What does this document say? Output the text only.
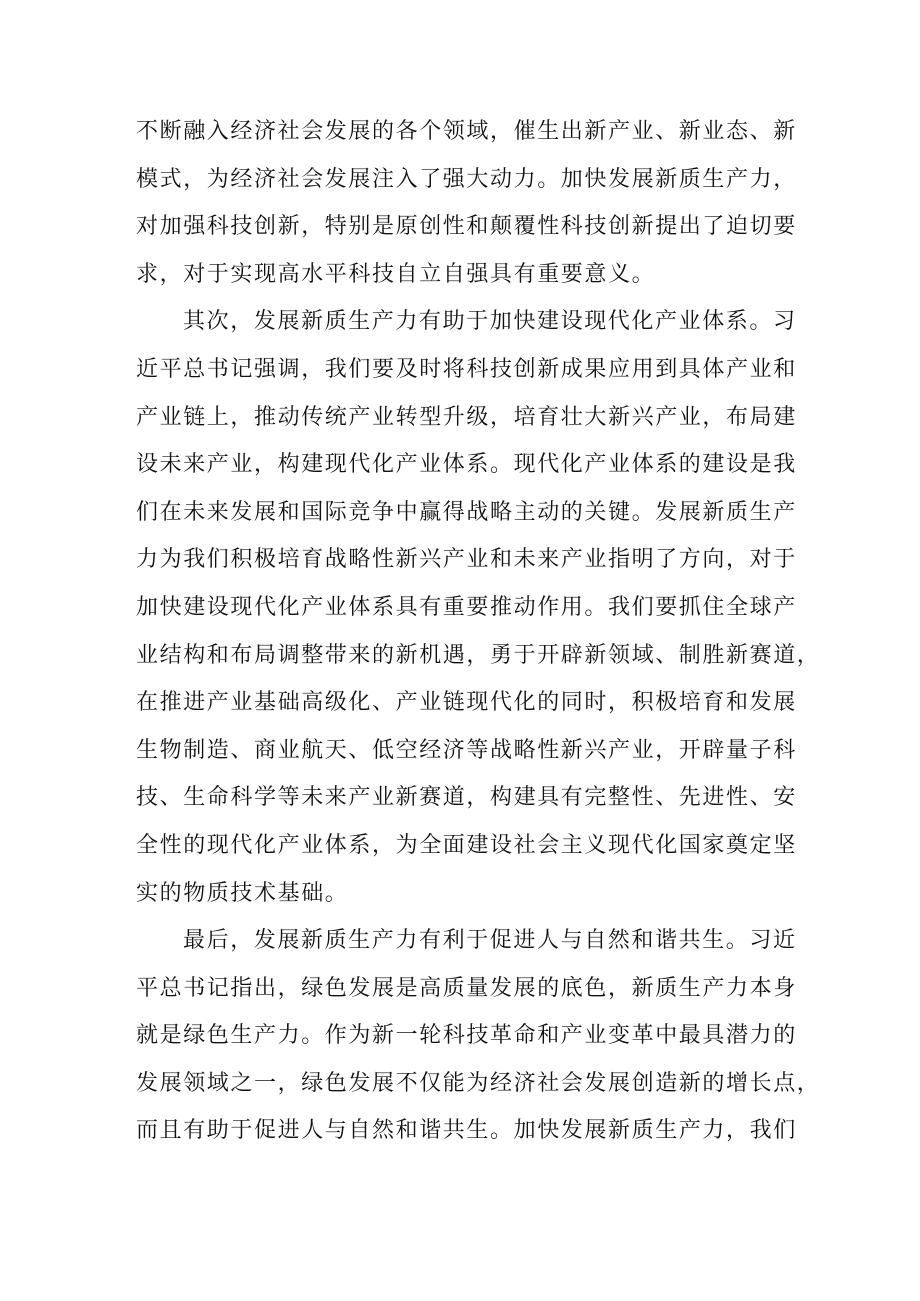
不断融入经济社会发展的各个领域，催生出新产业、新业态、新
模式，为经济社会发展注入了强大动力。加快发展新质生产力，
对加强科技创新，特别是原创性和颠覆性科技创新提出了迫切要
求，对于实现高水平科技自立自强具有重要意义。
其次，发展新质生产力有助于加快建设现代化产业体系。习
近平总书记强调，我们要及时将科技创新成果应用到具体产业和
产业链上，推动传统产业转型升级，培育壮大新兴产业，布局建
设未来产业，构建现代化产业体系。现代化产业体系的建设是我
们在未来发展和国际竞争中赢得战略主动的关键。发展新质生产
力为我们积极培育战略性新兴产业和未来产业指明了方向，对于
加快建设现代化产业体系具有重要推动作用。我们要抓住全球产
业结构和布局调整带来的新机遇，勇于开辟新领域、制胜新赛道，
在推进产业基础高级化、产业链现代化的同时，积极培育和发展
生物制造、商业航天、低空经济等战略性新兴产业，开辟量子科
技、生命科学等未来产业新赛道，构建具有完整性、先进性、安
全性的现代化产业体系，为全面建设社会主义现代化国家奠定坚
实的物质技术基础。
最后，发展新质生产力有利于促进人与自然和谐共生。习近
平总书记指出，绿色发展是高质量发展的底色，新质生产力本身
就是绿色生产力。作为新一轮科技革命和产业变革中最具潜力的
发展领域之一，绿色发展不仅能为经济社会发展创造新的增长点，
而且有助于促进人与自然和谐共生。加快发展新质生产力，我们
